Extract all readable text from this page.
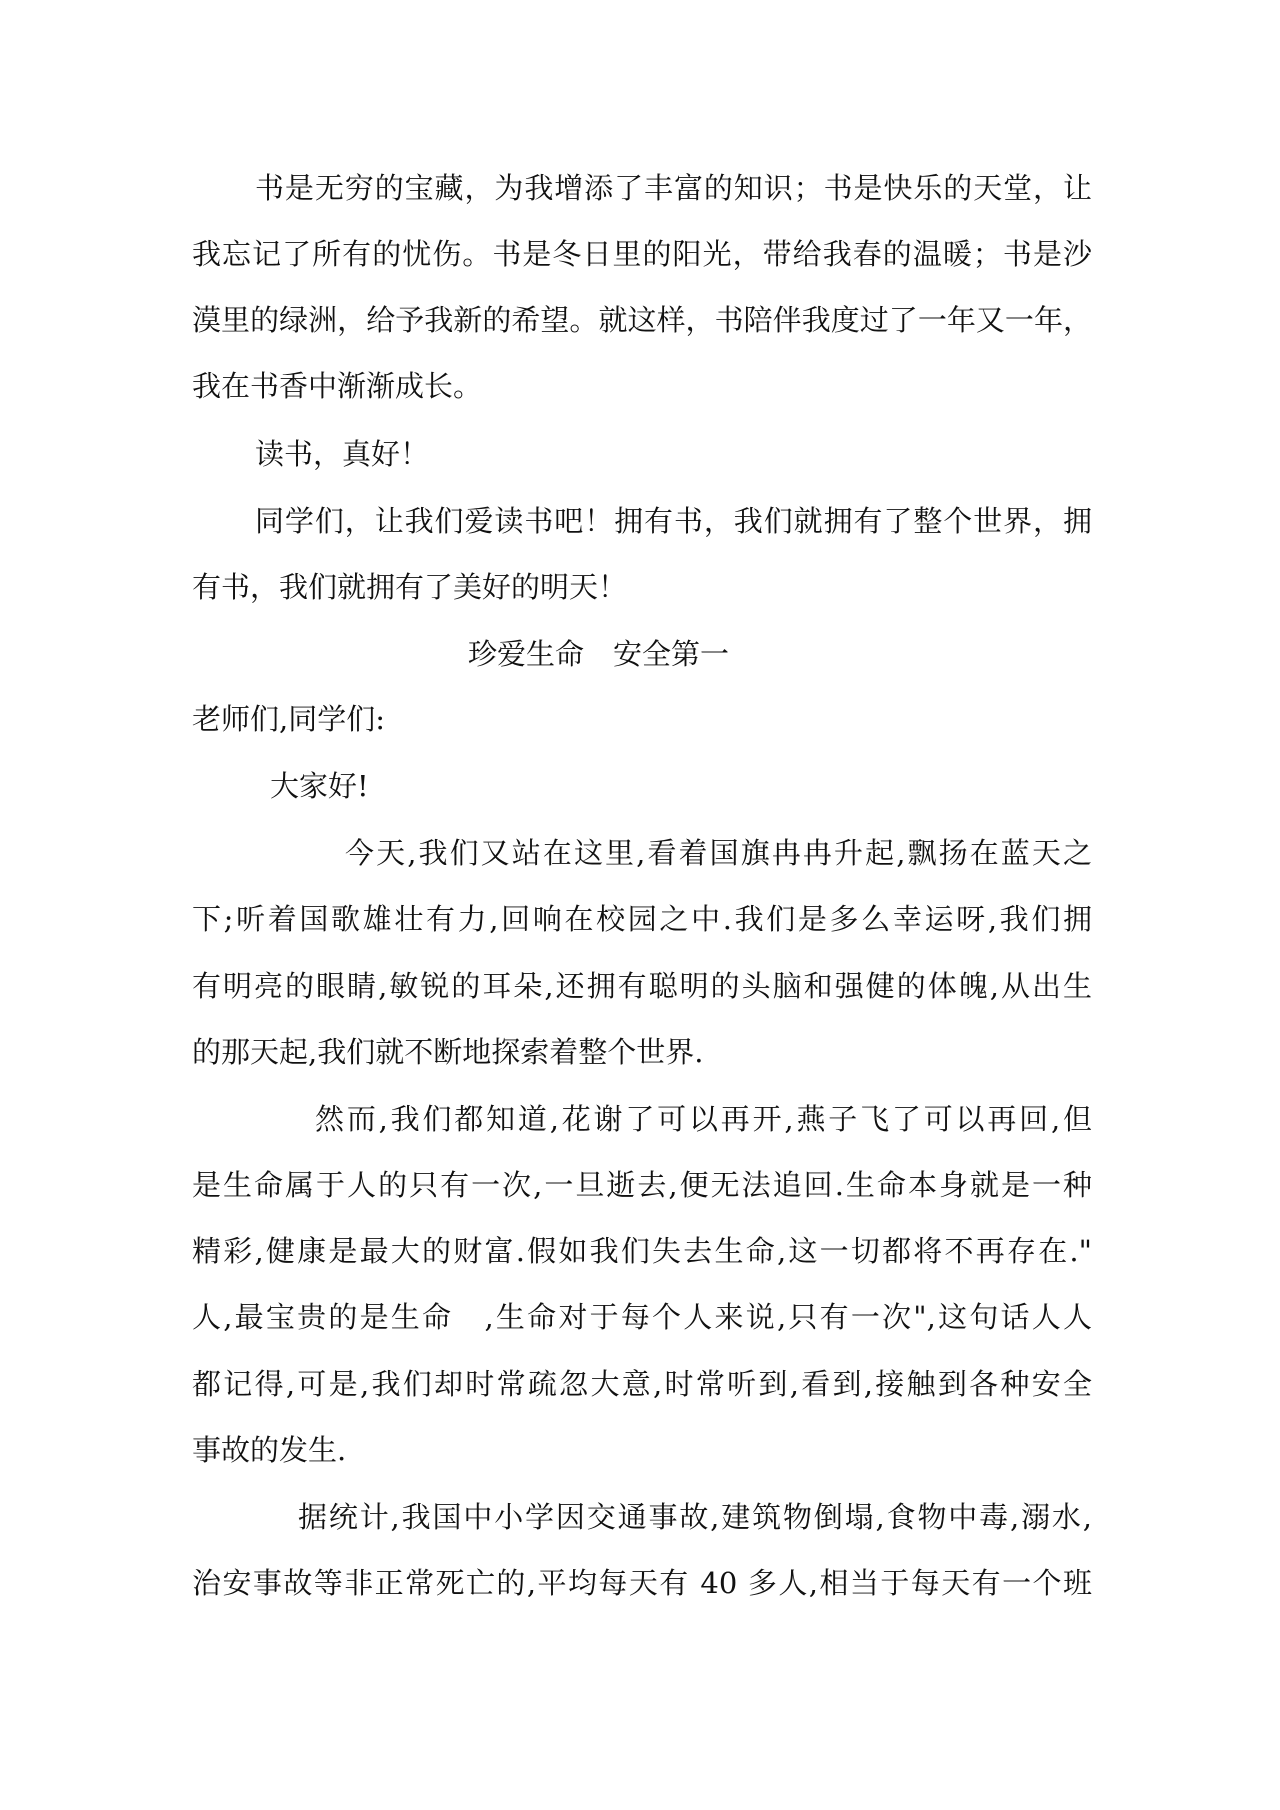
书是无穷的宝藏，为我增添了丰富的知识；书是快乐的天堂，让
我忘记了所有的忧伤。书是冬日里的阳光，带给我春的温暖；书是沙
漠里的绿洲，给予我新的希望。就这样，书陪伴我度过了一年又一年，
我在书香中渐渐成长。
读书，真好！
同学们，让我们爱读书吧！拥有书，我们就拥有了整个世界，拥
有书，我们就拥有了美好的明天！
珍爱生命　安全第一
老师们,同学们:
大家好!
今天,我们又站在这里,看着国旗冉冉升起,飘扬在蓝天之
下;听着国歌雄壮有力,回响在校园之中.我们是多么幸运呀,我们拥
有明亮的眼睛,敏锐的耳朵,还拥有聪明的头脑和强健的体魄,从出生
的那天起,我们就不断地探索着整个世界.
然而,我们都知道,花谢了可以再开,燕子飞了可以再回,但
是生命属于人的只有一次,一旦逝去,便无法追回.生命本身就是一种
精彩,健康是最大的财富.假如我们失去生命,这一切都将不再存在."
人,最宝贵的是生命　,生命对于每个人来说,只有一次",这句话人人
都记得,可是,我们却时常疏忽大意,时常听到,看到,接触到各种安全
事故的发生.
据统计,我国中小学因交通事故,建筑物倒塌,食物中毒,溺水,
治安事故等非正常死亡的,平均每天有 40 多人,相当于每天有一个班
